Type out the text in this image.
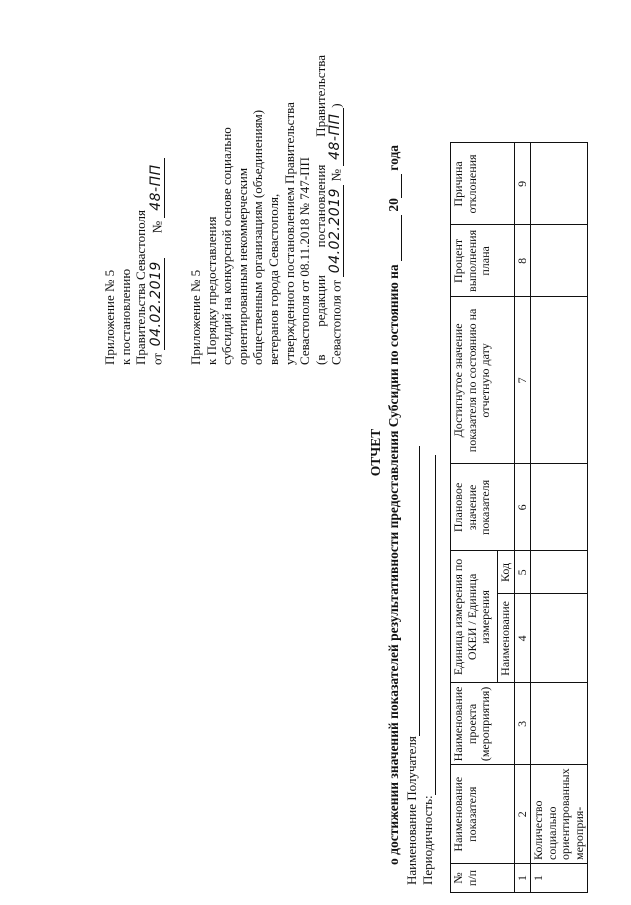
Приложение № 5 к постановлению Правительства Севастополя от 04.02.2019  № 48-ПП
Приложение № 5 к Порядку предоставления субсидий на конкурсной основе социально ориентированным некоммерческим общественным организациям (объединениям) ветеранов города Севастополя, утвержденного постановлением Правительства Севастополя от 08.11.2018 № 747-ПП (в
редакции
постановления
Правительства
Севастополя от 04.02.2019 № 48-ПП)
ОТЧЕТ о достижении значений показателей результативности предоставления Субсидии по состоянию на  20 года
Наименование Получателя Периодичность: № п/п	Наименование показателя	Наименование проекта (мероприятия)	Единица измерения по ОКЕИ / Единица измерения		Плановое значение показателя	Достигнутое значение показателя по состоянию на отчетную дату	Процент выполнения плана	Причина отклонения
			Наименование	Код				
1	2	3	4	5	6	7	8	9
1	Количество социально ориентированных мероприя-							
